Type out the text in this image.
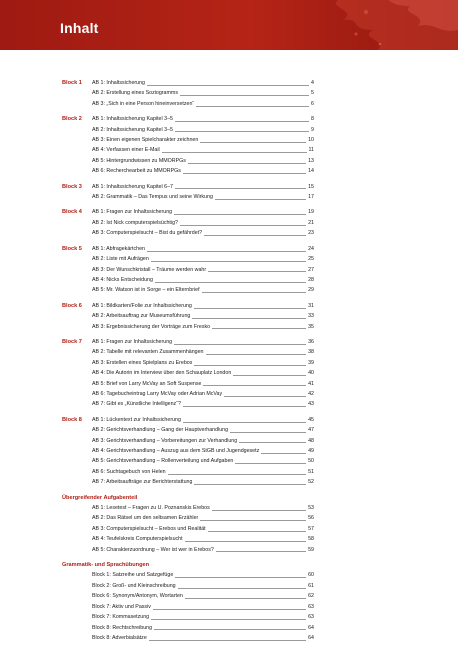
Inhalt
Block 1	AB 1: Inhaltssicherung	4
AB 2: Erstellung eines Soziogramms	5
AB 3: „Sich in eine Person hineinversetzen“	6
Block 2	AB 1: Inhaltssicherung Kapitel 3–5	8
AB 2: Inhaltssicherung Kapitel 3–5	9
AB 3: Einen eigenen Spielcharakter zeichnen	10
AB 4: Verfassen einer E-Mail	11
AB 5: Hintergrundwissen zu MMORPGs	13
AB 6: Recherchearbeit zu MMORPGs	14
Block 3	AB 1: Inhaltssicherung Kapitel 6–7	15
AB 2: Grammatik – Das Tempus und seine Wirkung	17
Block 4	AB 1: Fragen zur Inhaltssicherung	19
AB 2: Ist Nick computerspielsüchtig?	21
AB 3: Computerspielsucht – Bist du gefährdet?	23
Block 5	AB 1: Abfragekärtchen	24
AB 2: Liste mit Aufrägen	25
AB 3: Der Wunschkristall – Träume werden wahr	27
AB 4: Nicks Entscheidung	28
AB 5: Mr. Watson ist in Sorge – ein Elternbrief	29
Block 6	AB 1: Bildkarten/Folie zur Inhaltssicherung	31
AB 2: Arbeitsauftrag zur Museumsführung	33
AB 3: Ergebnissicherung der Vorträge zum Fresko	35
Block 7	AB 1: Fragen zur Inhaltssicherung	36
AB 2: Tabelle mit relevanten Zusammenhängen	38
AB 3: Erstellen eines Spielplans zu Erebos	39
AB 4: Die Autorin im Interview über den Schauplatz London	40
AB 5: Brief von Larry McVay an Soft Suspense	41
AB 6: Tagebucheintrag Larry McVay oder Adrian McVay	42
AB 7: Gibt es „Künstliche Intelligenz“?	43
Block 8	AB 1: Lückentext zur Inhaltssicherung	45
AB 2: Gerichtsverhandlung – Gang der Hauptverhandlung	47
AB 3: Gerichtsverhandlung – Vorbereitungen zur Verhandlung	48
AB 4: Gerichtsverhandlung – Auszug aus dem StGB und Jugendgesetz	49
AB 5: Gerichtsverhandlung – Rollenverteilung und Aufgaben	50
AB 6: Suchtagebuch von Helen	51
AB 7: Arbeitsaufträge zur Berichterstattung	52
Übergreifender Aufgabenteil
AB 1: Lesetest – Fragen zu U. Poznanskis Erebos	53
AB 2: Das Rätsel um den seltsamen Erzähler	56
AB 3: Computerspielsucht – Erebos und Realität	57
AB 4: Teufelskreis Computerspielsucht	58
AB 5: Charakterzuordnung – Wer ist wer in Erebos?	59
Grammatik- und Sprachübungen
Block 1: Satzreihe und Satzgefüge	60
Block 2: Groß- und Kleinschreibung	61
Block 6: Synonym/Antonym, Wortarten	62
Block 7: Aktiv und Passiv	63
Block 7: Kommasetzung	63
Block 8: Rechtschreibung	64
Block 8: Adverbialsätze	64
